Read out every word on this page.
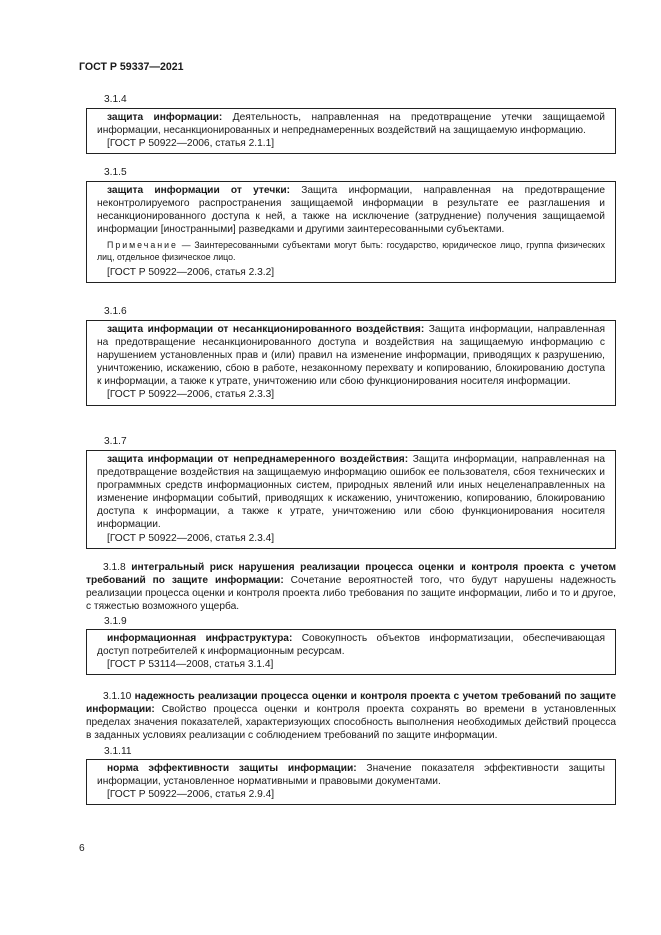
ГОСТ Р 59337—2021
3.1.4

защита информации: Деятельность, направленная на предотвращение утечки защищаемой информации, несанкционированных и непреднамеренных воздействий на защищаемую информацию.

[ГОСТ Р 50922—2006, статья 2.1.1]

3.1.5

защита информации от утечки: Защита информации, направленная на предотвращение неконтролируемого распространения защищаемой информации в результате ее разглашения и несанкционированного доступа к ней, а также на исключение (затруднение) получения защищаемой информации [иностранными] разведками и другими заинтересованными субъектами.

Примечание — Заинтересованными субъектами могут быть: государство, юридическое лицо, группа физических лиц, отдельное физическое лицо.

[ГОСТ Р 50922—2006, статья 2.3.2]

3.1.6

защита информации от несанкционированного воздействия: Защита информации, направленная на предотвращение несанкционированного доступа и воздействия на защищаемую информацию с нарушением установленных прав и (или) правил на изменение информации, приводящих к разрушению, уничтожению, искажению, сбою в работе, незаконному перехвату и копированию, блокированию доступа к информации, а также к утрате, уничтожению или сбою функционирования носителя информации.

[ГОСТ Р 50922—2006, статья 2.3.3]

3.1.7

защита информации от непреднамеренного воздействия: Защита информации, направленная на предотвращение воздействия на защищаемую информацию ошибок ее пользователя, сбоя технических и программных средств информационных систем, природных явлений или иных нецеленаправленных на изменение информации событий, приводящих к искажению, уничтожению, копированию, блокированию доступа к информации, а также к утрате, уничтожению или сбою функционирования носителя информации.

[ГОСТ Р 50922—2006, статья 2.3.4]

3.1.8 интегральный риск нарушения реализации процесса оценки и контроля проекта с учетом требований по защите информации: Сочетание вероятностей того, что будут нарушены надежность реализации процесса оценки и контроля проекта либо требования по защите информации, либо и то и другое, с тяжестью возможного ущерба.

3.1.9

информационная инфраструктура: Совокупность объектов информатизации, обеспечивающая доступ потребителей к информационным ресурсам.

[ГОСТ Р 53114—2008, статья 3.1.4]

3.1.10 надежность реализации процесса оценки и контроля проекта с учетом требований по защите информации: Свойство процесса оценки и контроля проекта сохранять во времени в установленных пределах значения показателей, характеризующих способность выполнения необходимых действий процесса в заданных условиях реализации с соблюдением требований по защите информации.

3.1.11

норма эффективности защиты информации: Значение показателя эффективности защиты информации, установленное нормативными и правовыми документами.

[ГОСТ Р 50922—2006, статья 2.9.4]

6
